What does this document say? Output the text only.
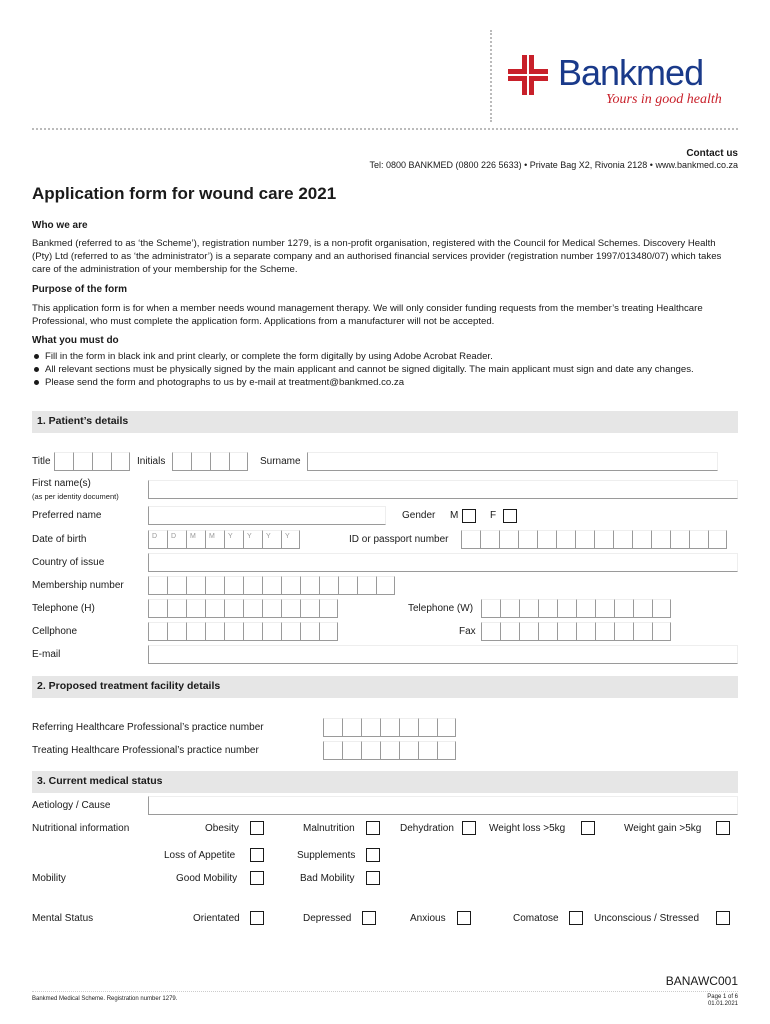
Bankmed
Yours in good health
Contact us
Tel: 0800 BANKMED (0800 226 5633) • Private Bag X2, Rivonia 2128 • www.bankmed.co.za
Application form for wound care 2021
Who we are
Bankmed (referred to as ‘the Scheme’), registration number 1279, is a non-profit organisation, registered with the Council for Medical Schemes. Discovery Health (Pty) Ltd (referred to as ‘the administrator’) is a separate company and an authorised financial services provider (registration number 1997/013480/07) which takes care of the administration of your membership for the Scheme.
Purpose of the form
This application form is for when a member needs wound management therapy. We will only consider funding requests from the member’s treating Healthcare Professional, who must complete the application form. Applications from a manufacturer will not be accepted.
What you must do
Fill in the form in black ink and print clearly, or complete the form digitally by using Adobe Acrobat Reader.
All relevant sections must be physically signed by the main applicant and cannot be signed digitally. The main applicant must sign and date any changes.
Please send the form and photographs to us by e-mail at treatment@bankmed.co.za
1. Patient’s details
Title	Initials	Surname
First name(s)
(as per identity document)
Preferred name	Gender M	F
Date of birth	D	D	M	M	Y	Y	Y	Y	ID or passport number
Country of issue
Membership number
Telephone (H)	Telephone (W)
Cellphone	Fax
E-mail
2. Proposed treatment facility details
Referring Healthcare Professional’s practice number
Treating Healthcare Professional’s practice number
3. Current medical status
Aetiology / Cause
Nutritional information	Obesity	Malnutrition	Dehydration	Weight loss >5kg	Weight gain >5kg
Loss of Appetite	Supplements
Mobility	Good Mobility	Bad Mobility
Mental Status	Orientated	Depressed	Anxious	Comatose	Unconscious / Stressed
BANAWC001
Bankmed Medical Scheme. Registration number 1279.	Page 1 of 6
01.01.2021
